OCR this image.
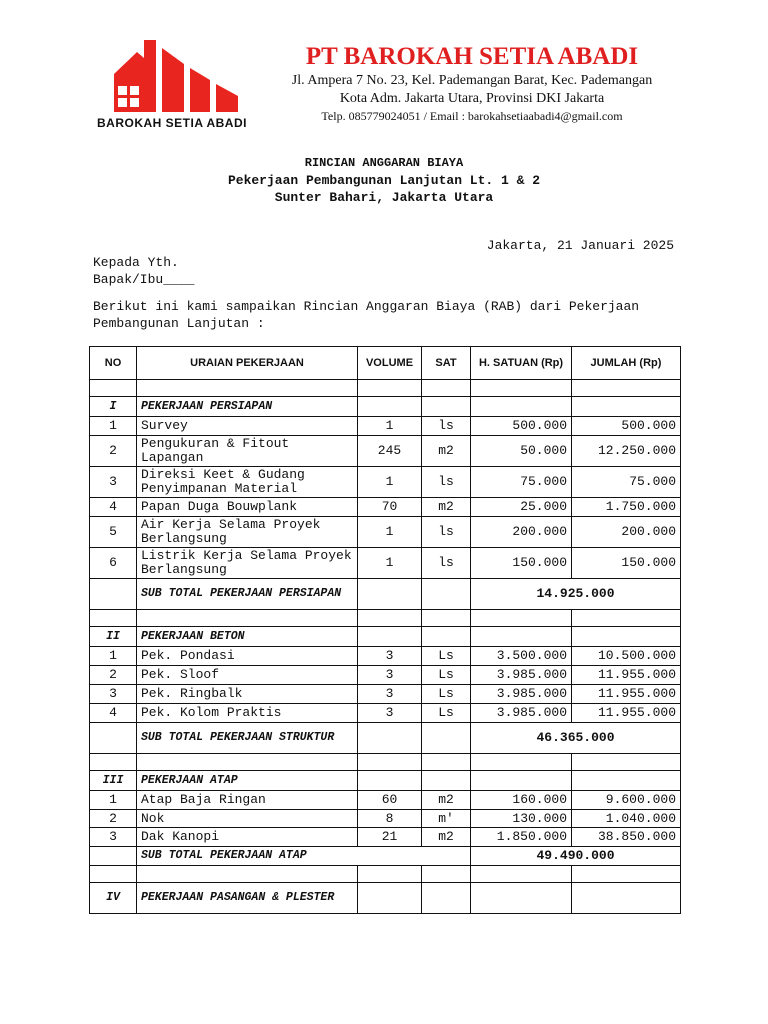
BAROKAH SETIA ABADI
PT BAROKAH SETIA ABADI
Jl. Ampera 7 No. 23, Kel. Pademangan Barat, Kec. Pademangan
Kota Adm. Jakarta Utara, Provinsi DKI Jakarta
Telp. 085779024051 / Email : barokahsetiaabadi4@gmail.com
RINCIAN ANGGARAN BIAYA
Pekerjaan Pembangunan Lanjutan Lt. 1 & 2
Sunter Bahari, Jakarta Utara
Jakarta, 21 Januari 2025
Kepada Yth.
Bapak/Ibu____
Berikut ini kami sampaikan Rincian Anggaran Biaya (RAB) dari Pekerjaan Pembangunan Lanjutan :
NO	URAIAN PEKERJAAN	VOLUME	SAT	H. SATUAN (Rp)	JUMLAH (Rp)

I	PEKERJAAN PERSIAPAN				
1	Survey	1	ls	500.000	500.000
2	Pengukuran & Fitout Lapangan	245	m2	50.000	12.250.000
3	Direksi Keet & Gudang Penyimpanan Material	1	ls	75.000	75.000
4	Papan Duga Bouwplank	70	m2	25.000	1.750.000
5	Air Kerja Selama Proyek Berlangsung	1	ls	200.000	200.000
6	Listrik Kerja Selama Proyek Berlangsung	1	ls	150.000	150.000
	SUB TOTAL PEKERJAAN PERSIAPAN			14.925.000	

II	PEKERJAAN BETON				
1	Pek. Pondasi	3	Ls	3.500.000	10.500.000
2	Pek. Sloof	3	Ls	3.985.000	11.955.000
3	Pek. Ringbalk	3	Ls	3.985.000	11.955.000
4	Pek. Kolom Praktis	3	Ls	3.985.000	11.955.000
	SUB TOTAL PEKERJAAN STRUKTUR			46.365.000	

III	PEKERJAAN ATAP				
1	Atap Baja Ringan	60	m2	160.000	9.600.000
2	Nok	8	m'	130.000	1.040.000
3	Dak Kanopi	21	m2	1.850.000	38.850.000
	SUB TOTAL PEKERJAAN ATAP			49.490.000	

IV	PEKERJAAN PASANGAN & PLESTER				
